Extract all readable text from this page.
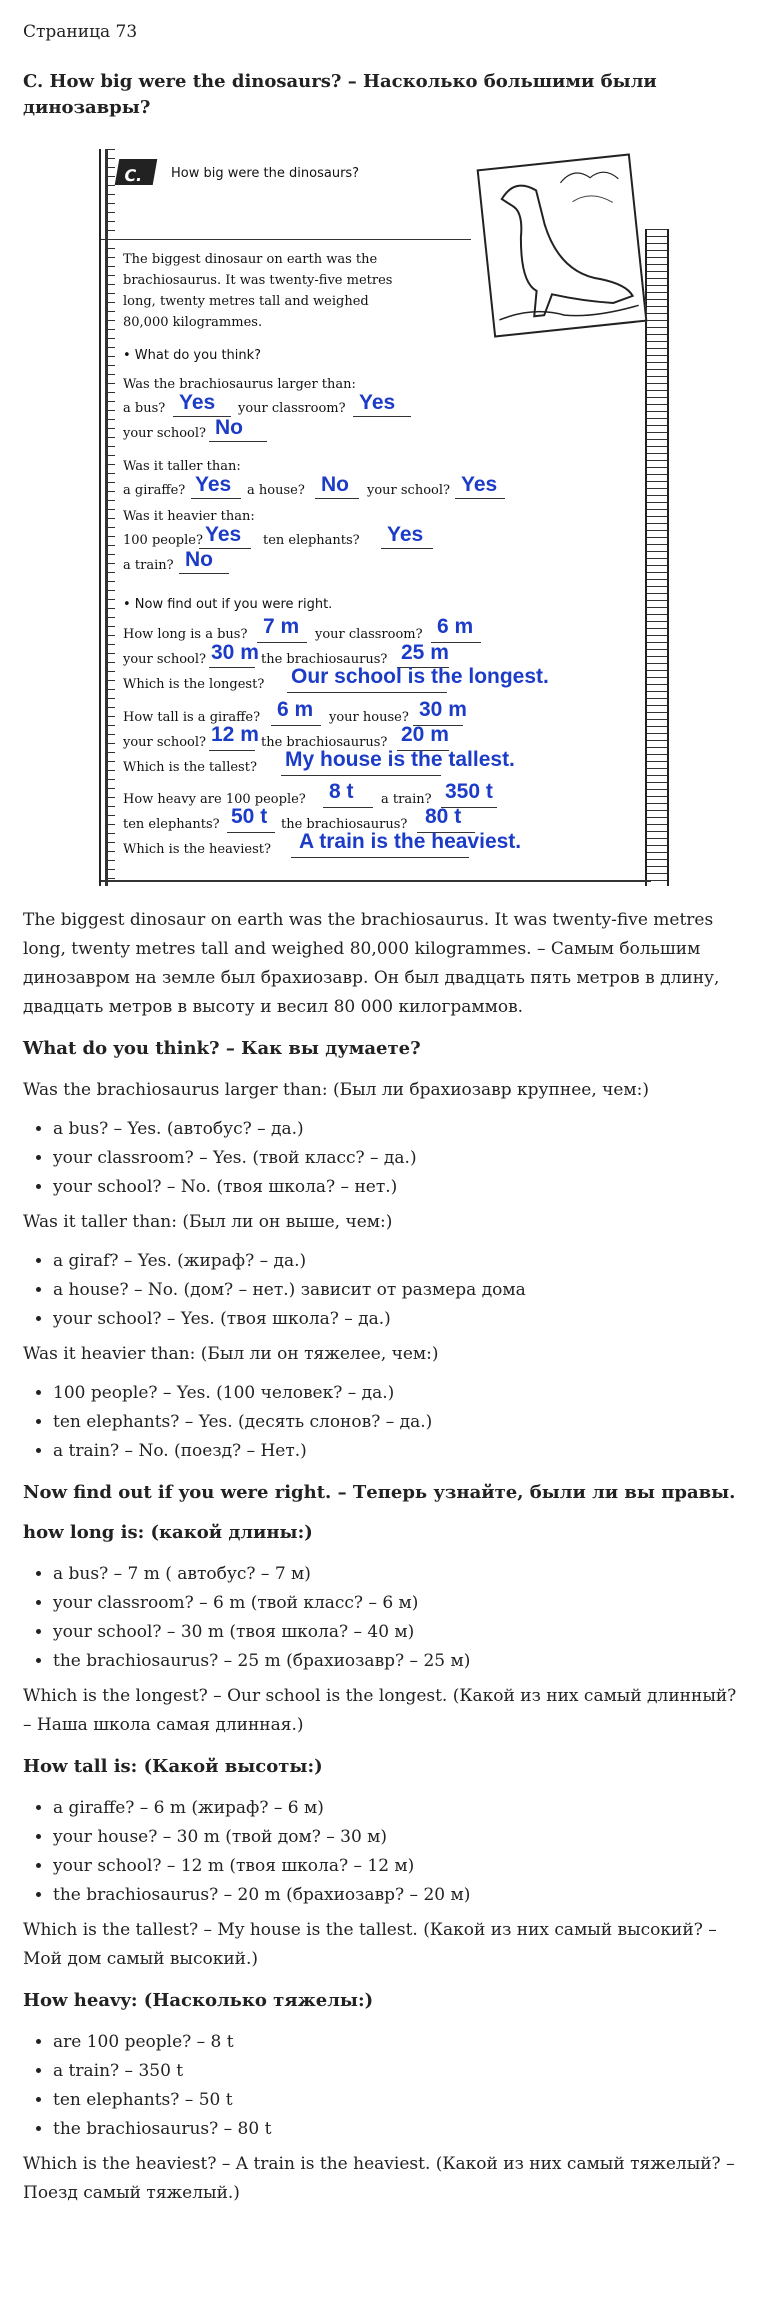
Страница 73
C. How big were the dinosaurs? – Насколько большими были динозавры?
C. How big were the dinosaurs?
The biggest dinosaur on earth was the
brachiosaurus. It was twenty-five metres
long, twenty metres tall and weighed
80,000 kilogrammes.
• What do you think?
Was the brachiosaurus larger than:
a bus? Yes your classroom? Yes
your school? No
Was it taller than:
a giraffe? Yes a house? No your school? Yes
Was it heavier than:
100 people? Yes ten elephants? Yes
a train? No
• Now find out if you were right.
How long is a bus? 7 m your classroom? 6 m
your school? 30 m the brachiosaurus? 25 m
Which is the longest? Our school is the longest.
How tall is a giraffe? 6 m your house? 30 m
your school? 12 m the brachiosaurus? 20 m
Which is the tallest? My house is the tallest.
How heavy are 100 people? 8 t a train? 350 t
ten elephants? 50 t the brachiosaurus? 80 t
Which is the heaviest? A train is the heaviest.

The biggest dinosaur on earth was the brachiosaurus. It was twenty-five metres long, twenty metres tall and weighed 80,000 kilogrammes. – Самым большим динозавром на земле был брахиозавр. Он был двадцать пять метров в длину, двадцать метров в высоту и весил 80 000 килограммов.

What do you think? – Как вы думаете?

Was the brachiosaurus larger than: (Был ли брахиозавр крупнее, чем:)

• a bus? – Yes. (автобус? – да.)
• your classroom? – Yes. (твой класс? – да.)
• your school? – No. (твоя школа? – нет.)

Was it taller than: (Был ли он выше, чем:)

• a giraf? – Yes. (жираф? – да.)
• a house? – No. (дом? – нет.) зависит от размера дома
• your school? – Yes. (твоя школа? – да.)

Was it heavier than: (Был ли он тяжелее, чем:)

• 100 people? – Yes. (100 человек? – да.)
• ten elephants? – Yes. (десять слонов? – да.)
• a train? – No. (поезд? – Нет.)
Now find out if you were right. – Теперь узнайте, были ли вы правы.
how long is: (какой длины:)
• a bus? – 7 m ( автобус? – 7 м)
• your classroom? – 6 m (твой класс? – 6 м)
• your school? – 30 m (твоя школа? – 40 м)
• the brachiosaurus? – 25 m (брахиозавр? – 25 м)

Which is the longest? – Our school is the longest. (Какой из них самый длинный? – Наша школа самая длинная.)

How tall is: (Какой высоты:)
• a giraffe? – 6 m (жираф? – 6 м)
• your house? – 30 m (твой дом? – 30 м)
• your school? – 12 m (твоя школа? – 12 м)
• the brachiosaurus? – 20 m (брахиозавр? – 20 м)

Which is the tallest? – My house is the tallest. (Какой из них самый высокий? – Мой дом самый высокий.)

How heavy: (Насколько тяжелы:)
• are 100 people? – 8 t
• a train? – 350 t
• ten elephants? – 50 t
• the brachiosaurus? – 80 t

Which is the heaviest? – A train is the heaviest. (Какой из них самый тяжелый? – Поезд самый тяжелый.)
